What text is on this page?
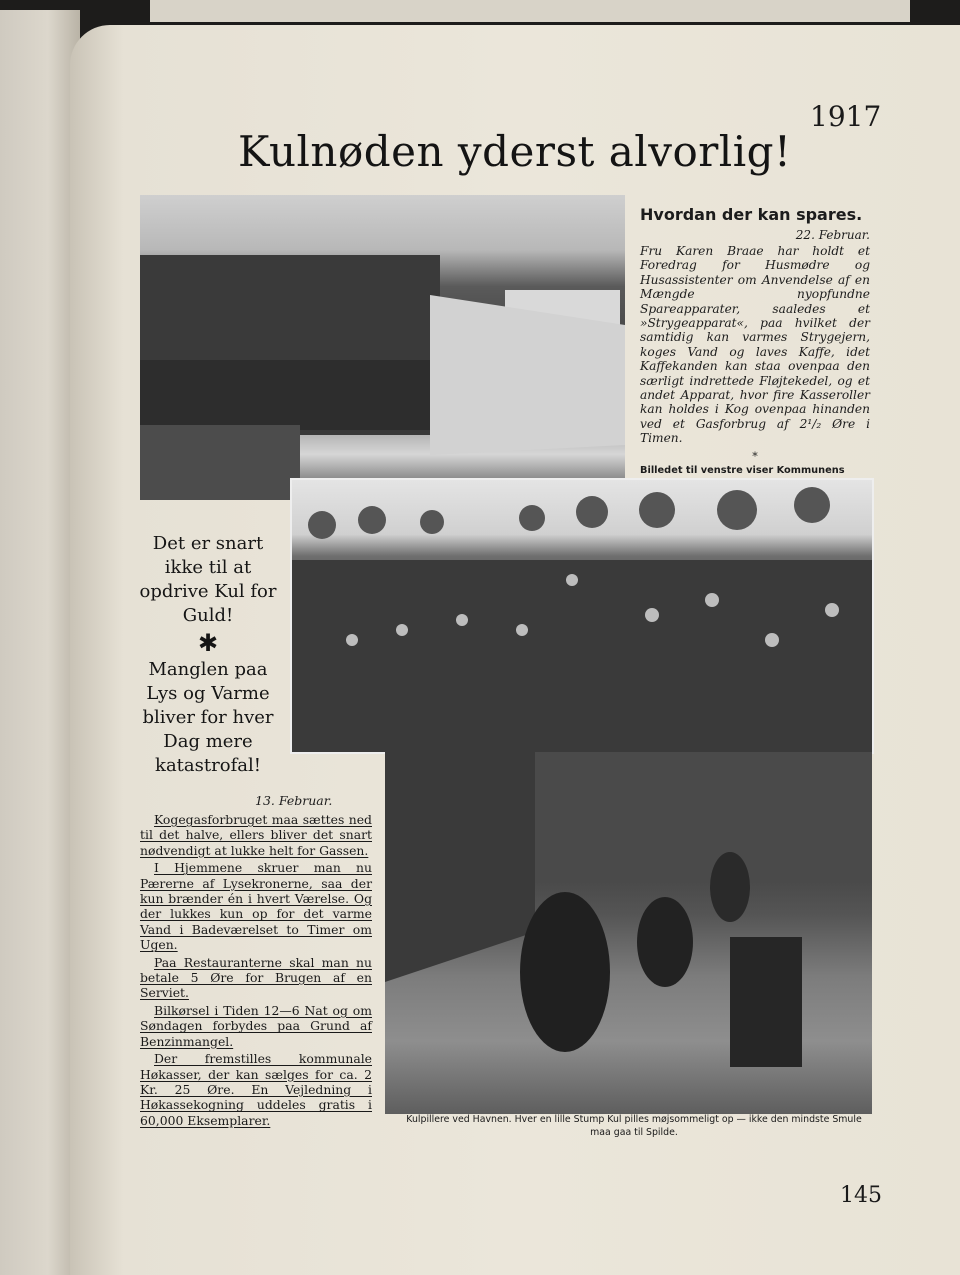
1917
Kulnøden yderst alvorlig!
Hvordan der kan spares.
22. Februar.
Fru Karen Braae har holdt et Foredrag for Husmødre og Husassistenter om Anvendelse af en Mængde nyopfundne Spareapparater, saaledes et »Strygeapparat«, paa hvilket der samtidig kan varmes Strygejern, koges Vand og laves Kaffe, idet Kaffekanden kan staa ovenpaa den særligt indrettede Fløjtekedel, og et andet Apparat, hvor fire Kasseroller kan holdes i Kog ovenpaa hinanden ved et Gasforbrug af 2¹/₂ Øre i Timen.
*
Billedet til venstre viser Kommunens
Det er snart ikke til at opdrive Kul for Guld!
✱
Manglen paa Lys og Varme bliver for hver Dag mere katastrofal!
13. Februar.

Kogegasforbruget maa sættes ned til det halve, ellers bliver det snart nødvendigt at lukke helt for Gassen.

I Hjemmene skruer man nu Pærerne af Lysekronerne, saa der kun brænder én i hvert Værelse. Og der lukkes kun op for det varme Vand i Badeværelset to Timer om Ugen.

Paa Restauranterne skal man nu betale 5 Øre for Brugen af en Serviet.

Bilkørsel i Tiden 12—6 Nat og om Søndagen forbydes paa Grund af Benzinmangel.

Der fremstilles kommunale Høkasser, der kan sælges for ca. 2 Kr. 25 Øre. En Vejledning i Høkassekogning uddeles gratis i 60,000 Eksemplarer.	Kulpillere ved Havnen. Hver en lille Stump Kul pilles møjsommeligt op — ikke den mindste Smule maa gaa til Spilde.
145
